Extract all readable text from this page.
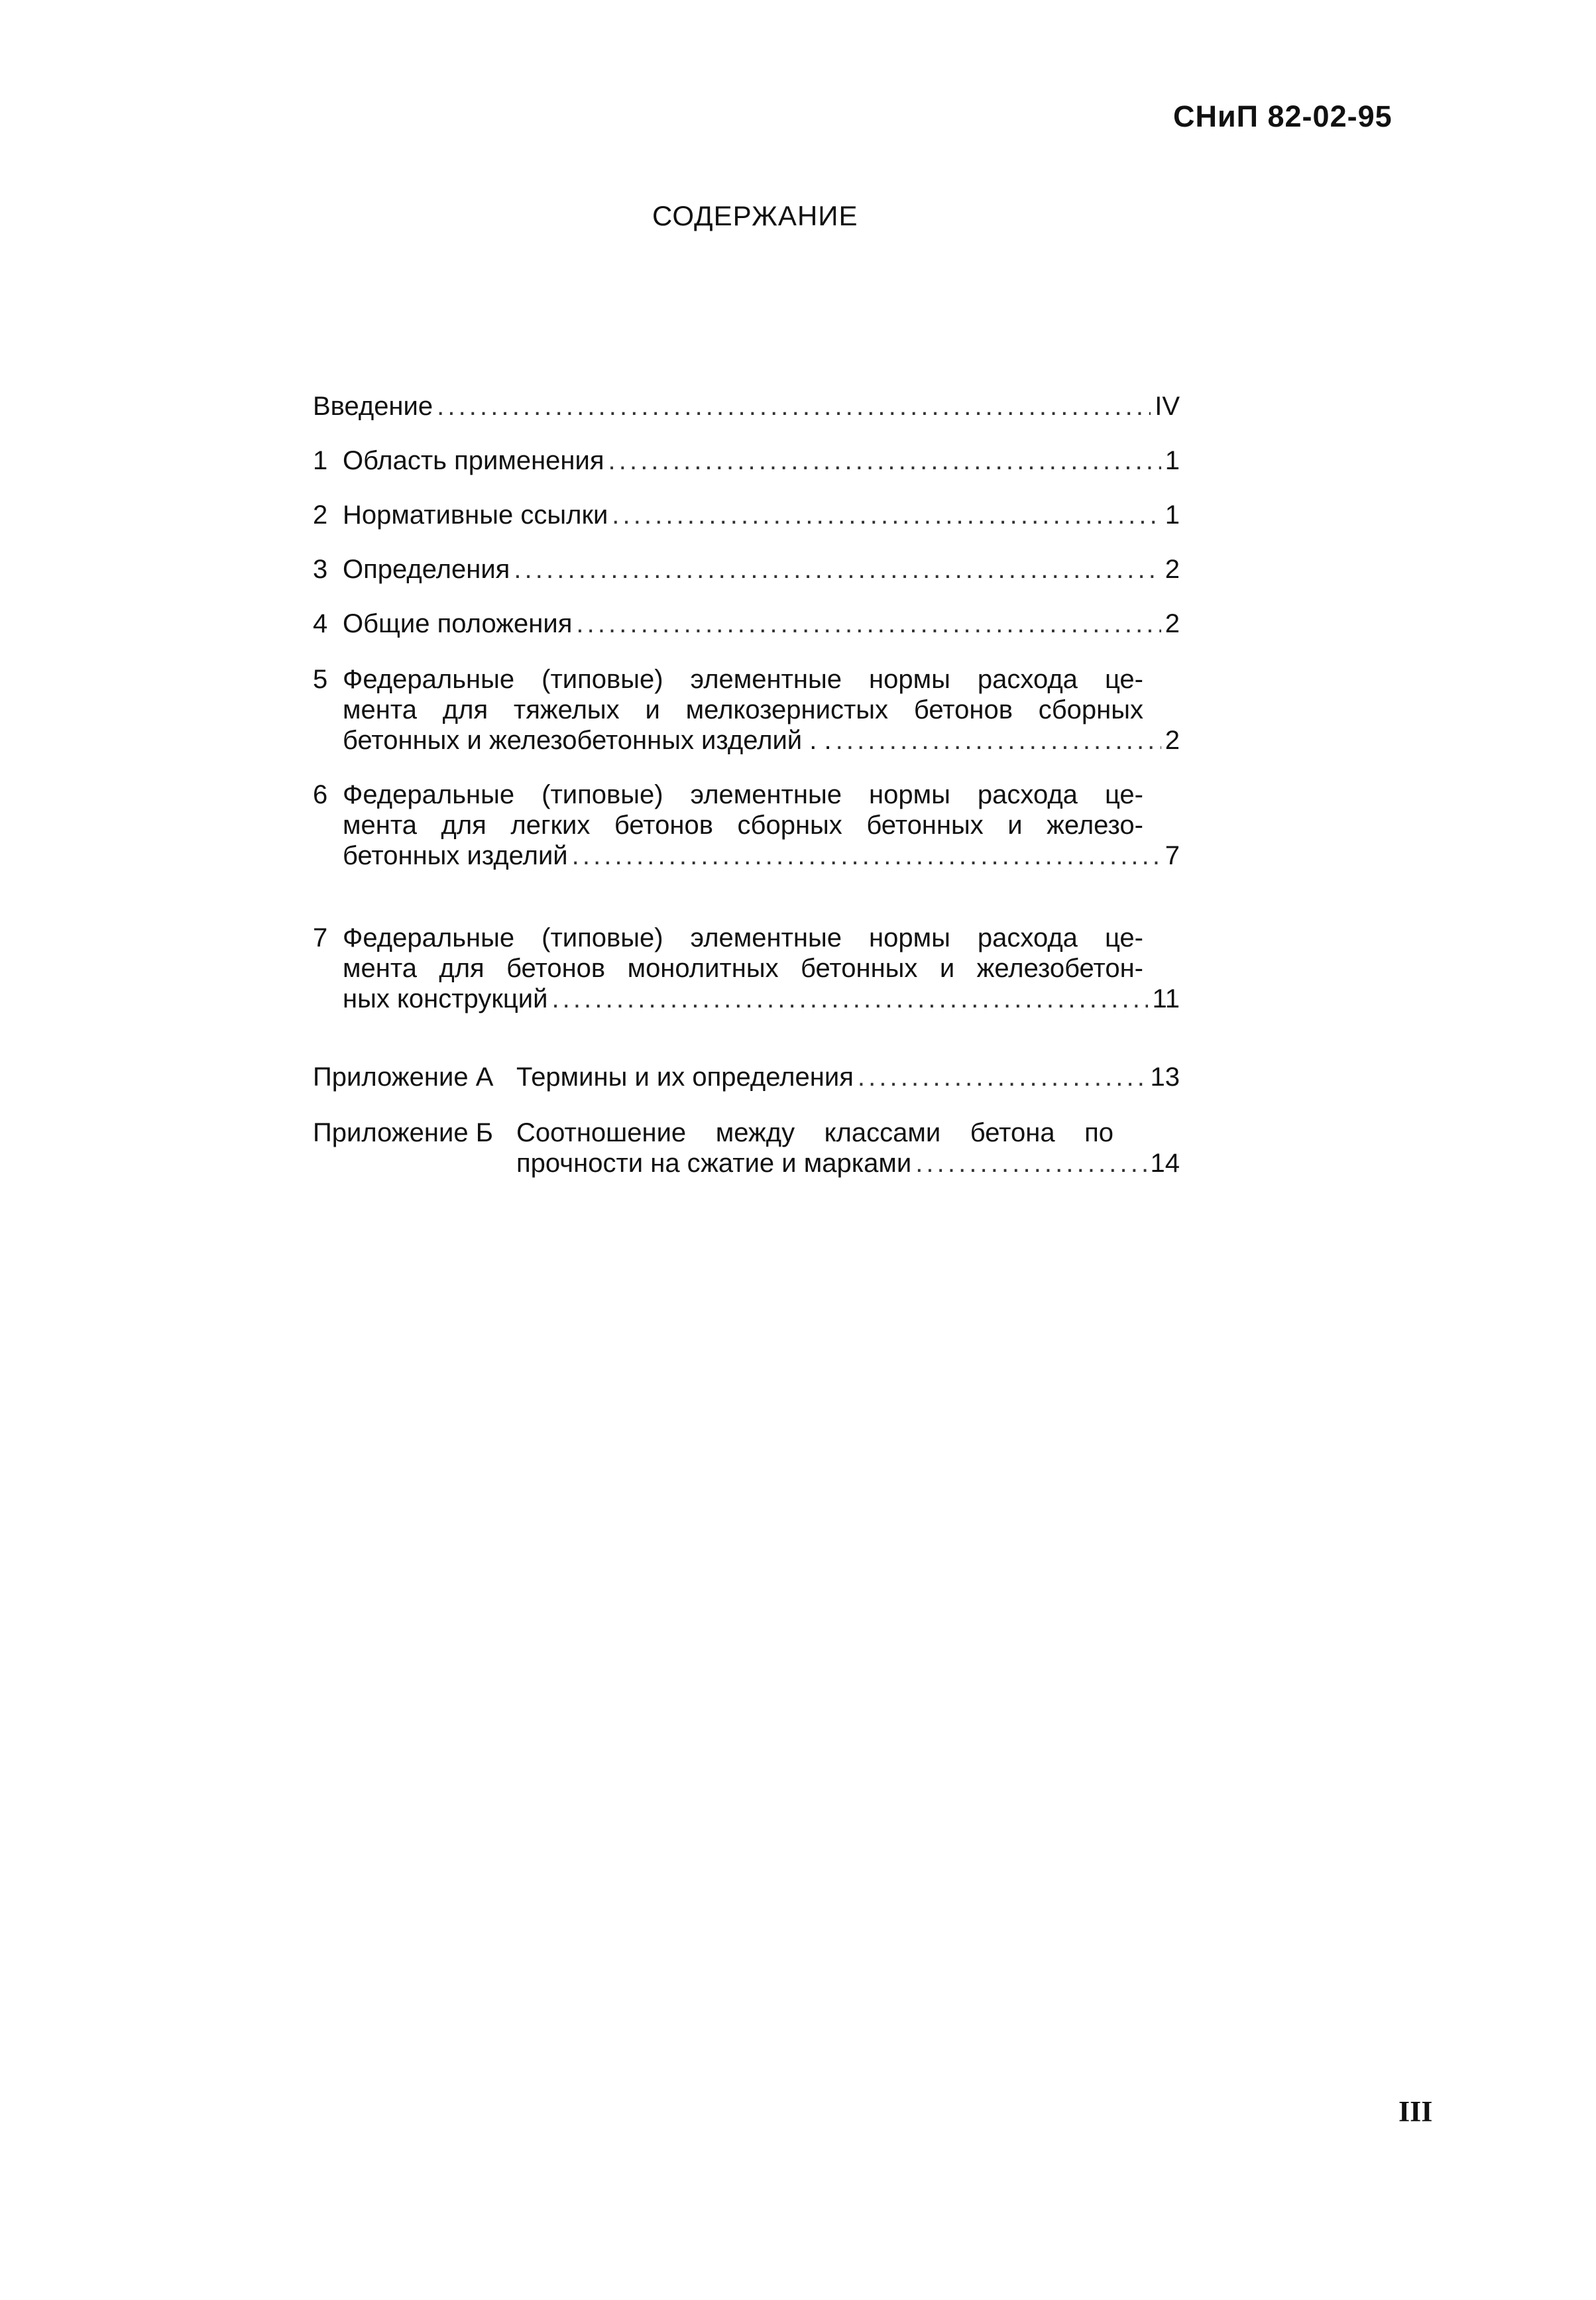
СНиП 82-02-95
СОДЕРЖАНИЕ
Введение . . .	IV
1 Область применения . . .	1
2 Нормативные ссылки . . .	1
3 Определения . . .	2
4 Общие положения . . .	2
5 Федеральные (типовые) элементные нормы расхода це-
мента для тяжелых и мелкозернистых бетонов сборных
бетонных и железобетонных изделий . . . . .	2
6 Федеральные (типовые) элементные нормы расхода це-
мента для легких бетонов сборных бетонных и железо-
бетонных изделий . . .	7
7 Федеральные (типовые) элементные нормы расхода це-
мента для бетонов монолитных бетонных и железобетон-
ных конструкций . . .	11
Приложение А Термины и их определения . . .	13
Приложение Б Соотношение между классами бетона по
прочности на сжатие и марками . . .	14
III
